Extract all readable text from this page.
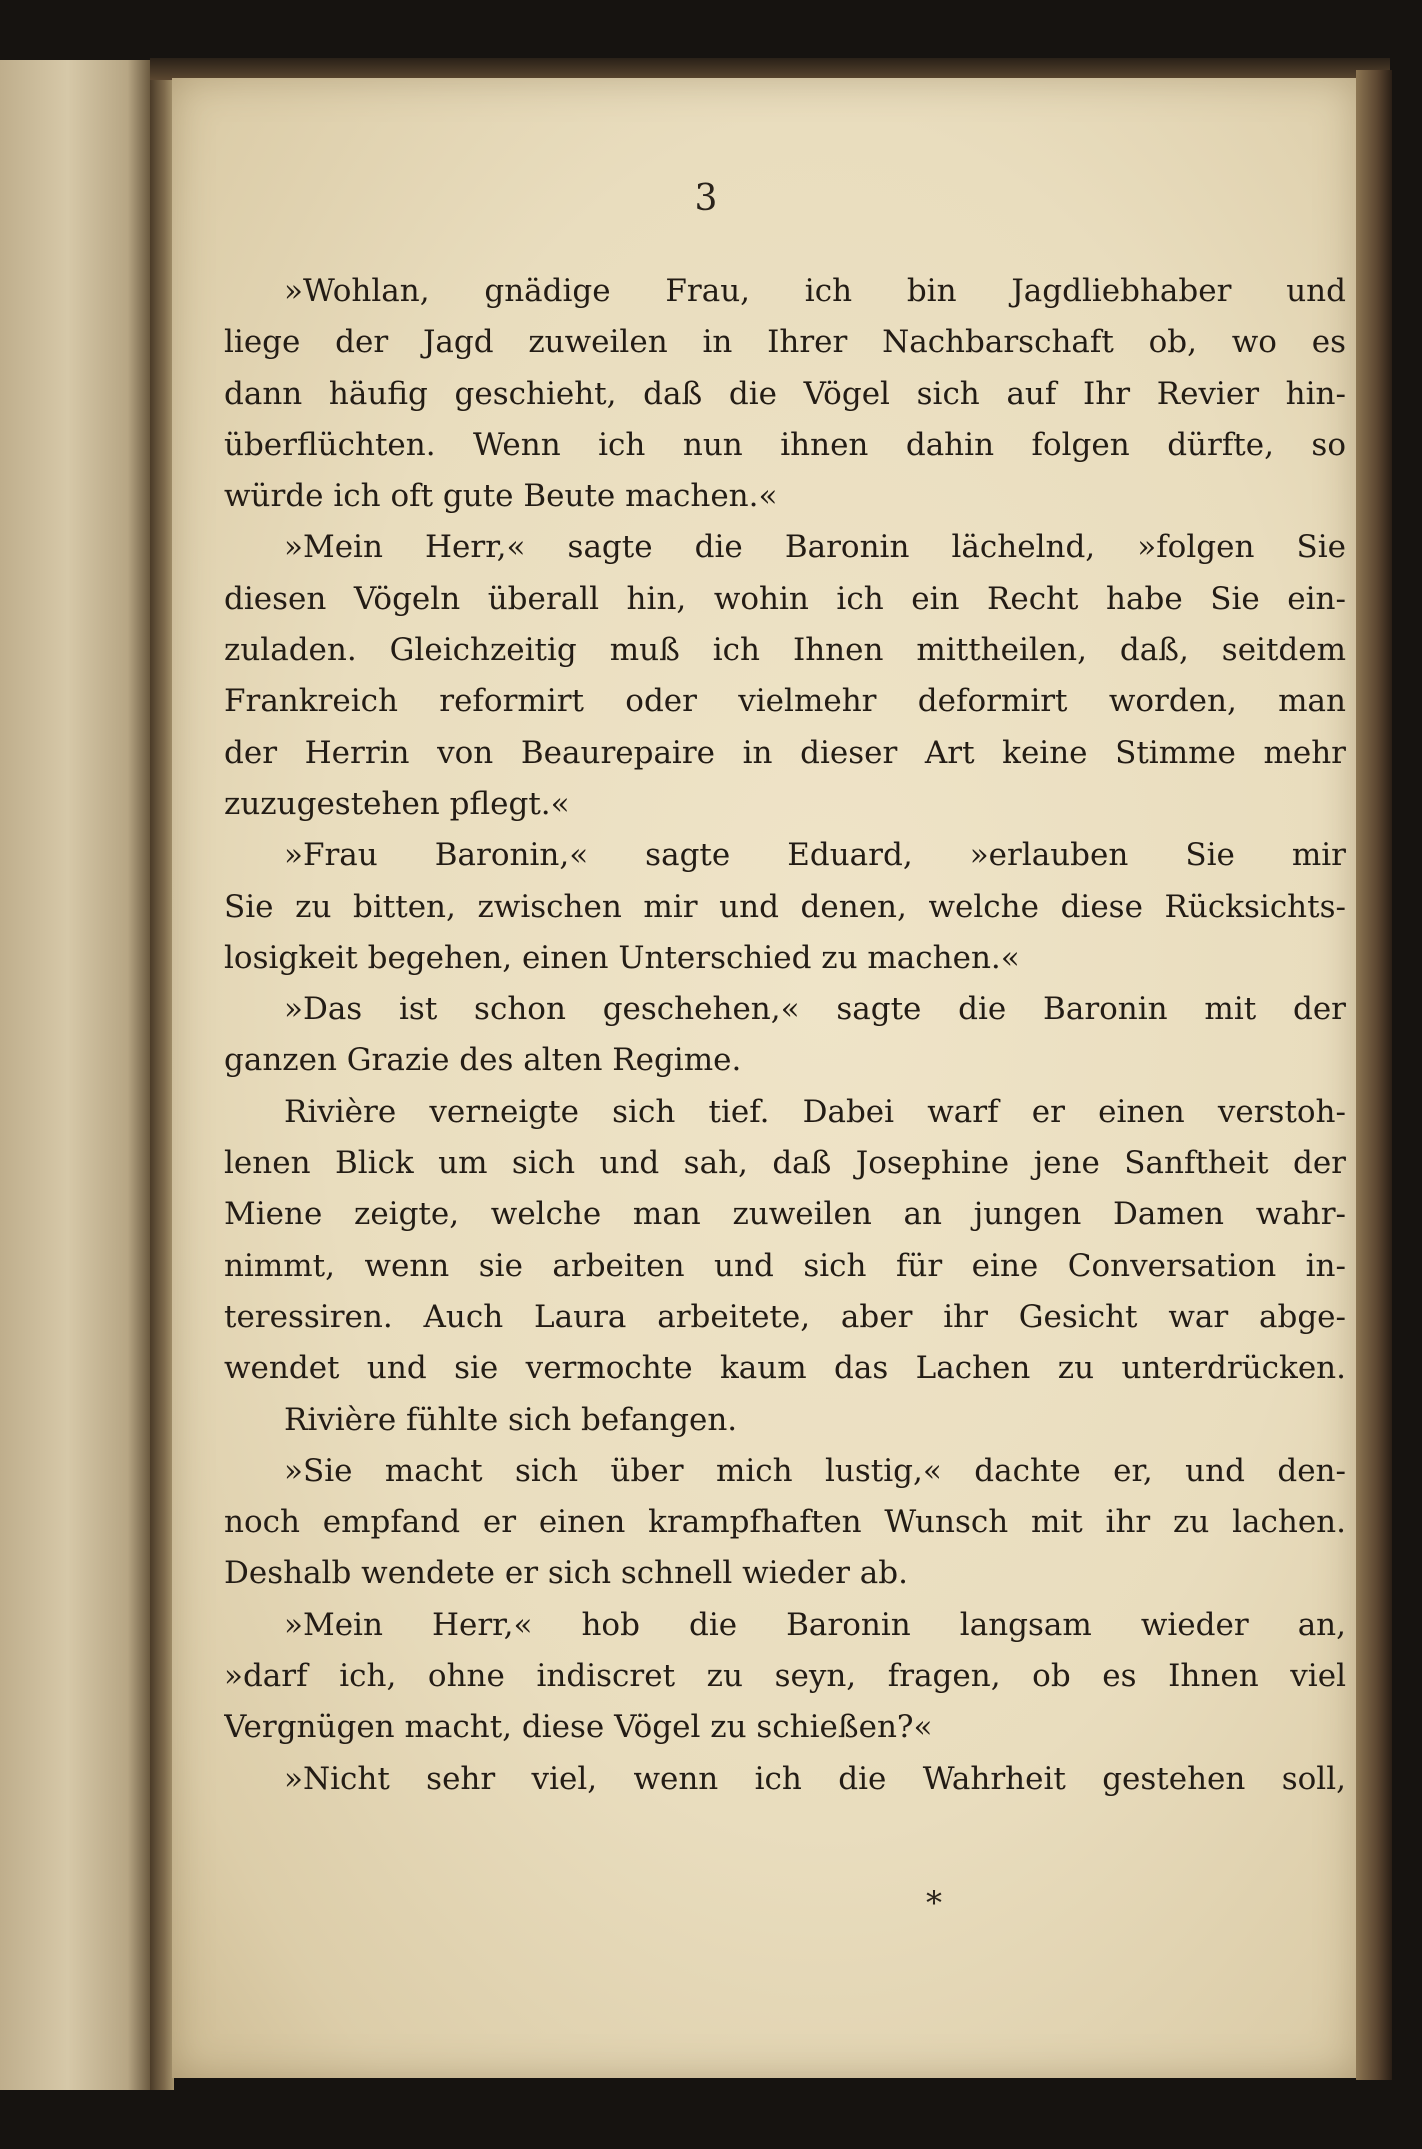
3
»Wohlan, gnädige Frau, ich bin Jagdliebhaber und
liege der Jagd zuweilen in Ihrer Nachbarschaft ob, wo es
dann häufig geschieht, daß die Vögel sich auf Ihr Revier hin-
überflüchten. Wenn ich nun ihnen dahin folgen dürfte, so
würde ich oft gute Beute machen.«
»Mein Herr,« sagte die Baronin lächelnd, »folgen Sie
diesen Vögeln überall hin, wohin ich ein Recht habe Sie ein-
zuladen. Gleichzeitig muß ich Ihnen mittheilen, daß, seitdem
Frankreich reformirt oder vielmehr deformirt worden, man
der Herrin von Beaurepaire in dieser Art keine Stimme mehr
zuzugestehen pflegt.«
»Frau Baronin,« sagte Eduard, »erlauben Sie mir
Sie zu bitten, zwischen mir und denen, welche diese Rücksichts-
losigkeit begehen, einen Unterschied zu machen.«
»Das ist schon geschehen,« sagte die Baronin mit der
ganzen Grazie des alten Regime.
Rivière verneigte sich tief. Dabei warf er einen verstoh-
lenen Blick um sich und sah, daß Josephine jene Sanftheit der
Miene zeigte, welche man zuweilen an jungen Damen wahr-
nimmt, wenn sie arbeiten und sich für eine Conversation in-
teressiren. Auch Laura arbeitete, aber ihr Gesicht war abge-
wendet und sie vermochte kaum das Lachen zu unterdrücken.
Rivière fühlte sich befangen.
»Sie macht sich über mich lustig,« dachte er, und den-
noch empfand er einen krampfhaften Wunsch mit ihr zu lachen.
Deshalb wendete er sich schnell wieder ab.
»Mein Herr,« hob die Baronin langsam wieder an,
»darf ich, ohne indiscret zu seyn, fragen, ob es Ihnen viel
Vergnügen macht, diese Vögel zu schießen?«
»Nicht sehr viel, wenn ich die Wahrheit gestehen soll,
*
